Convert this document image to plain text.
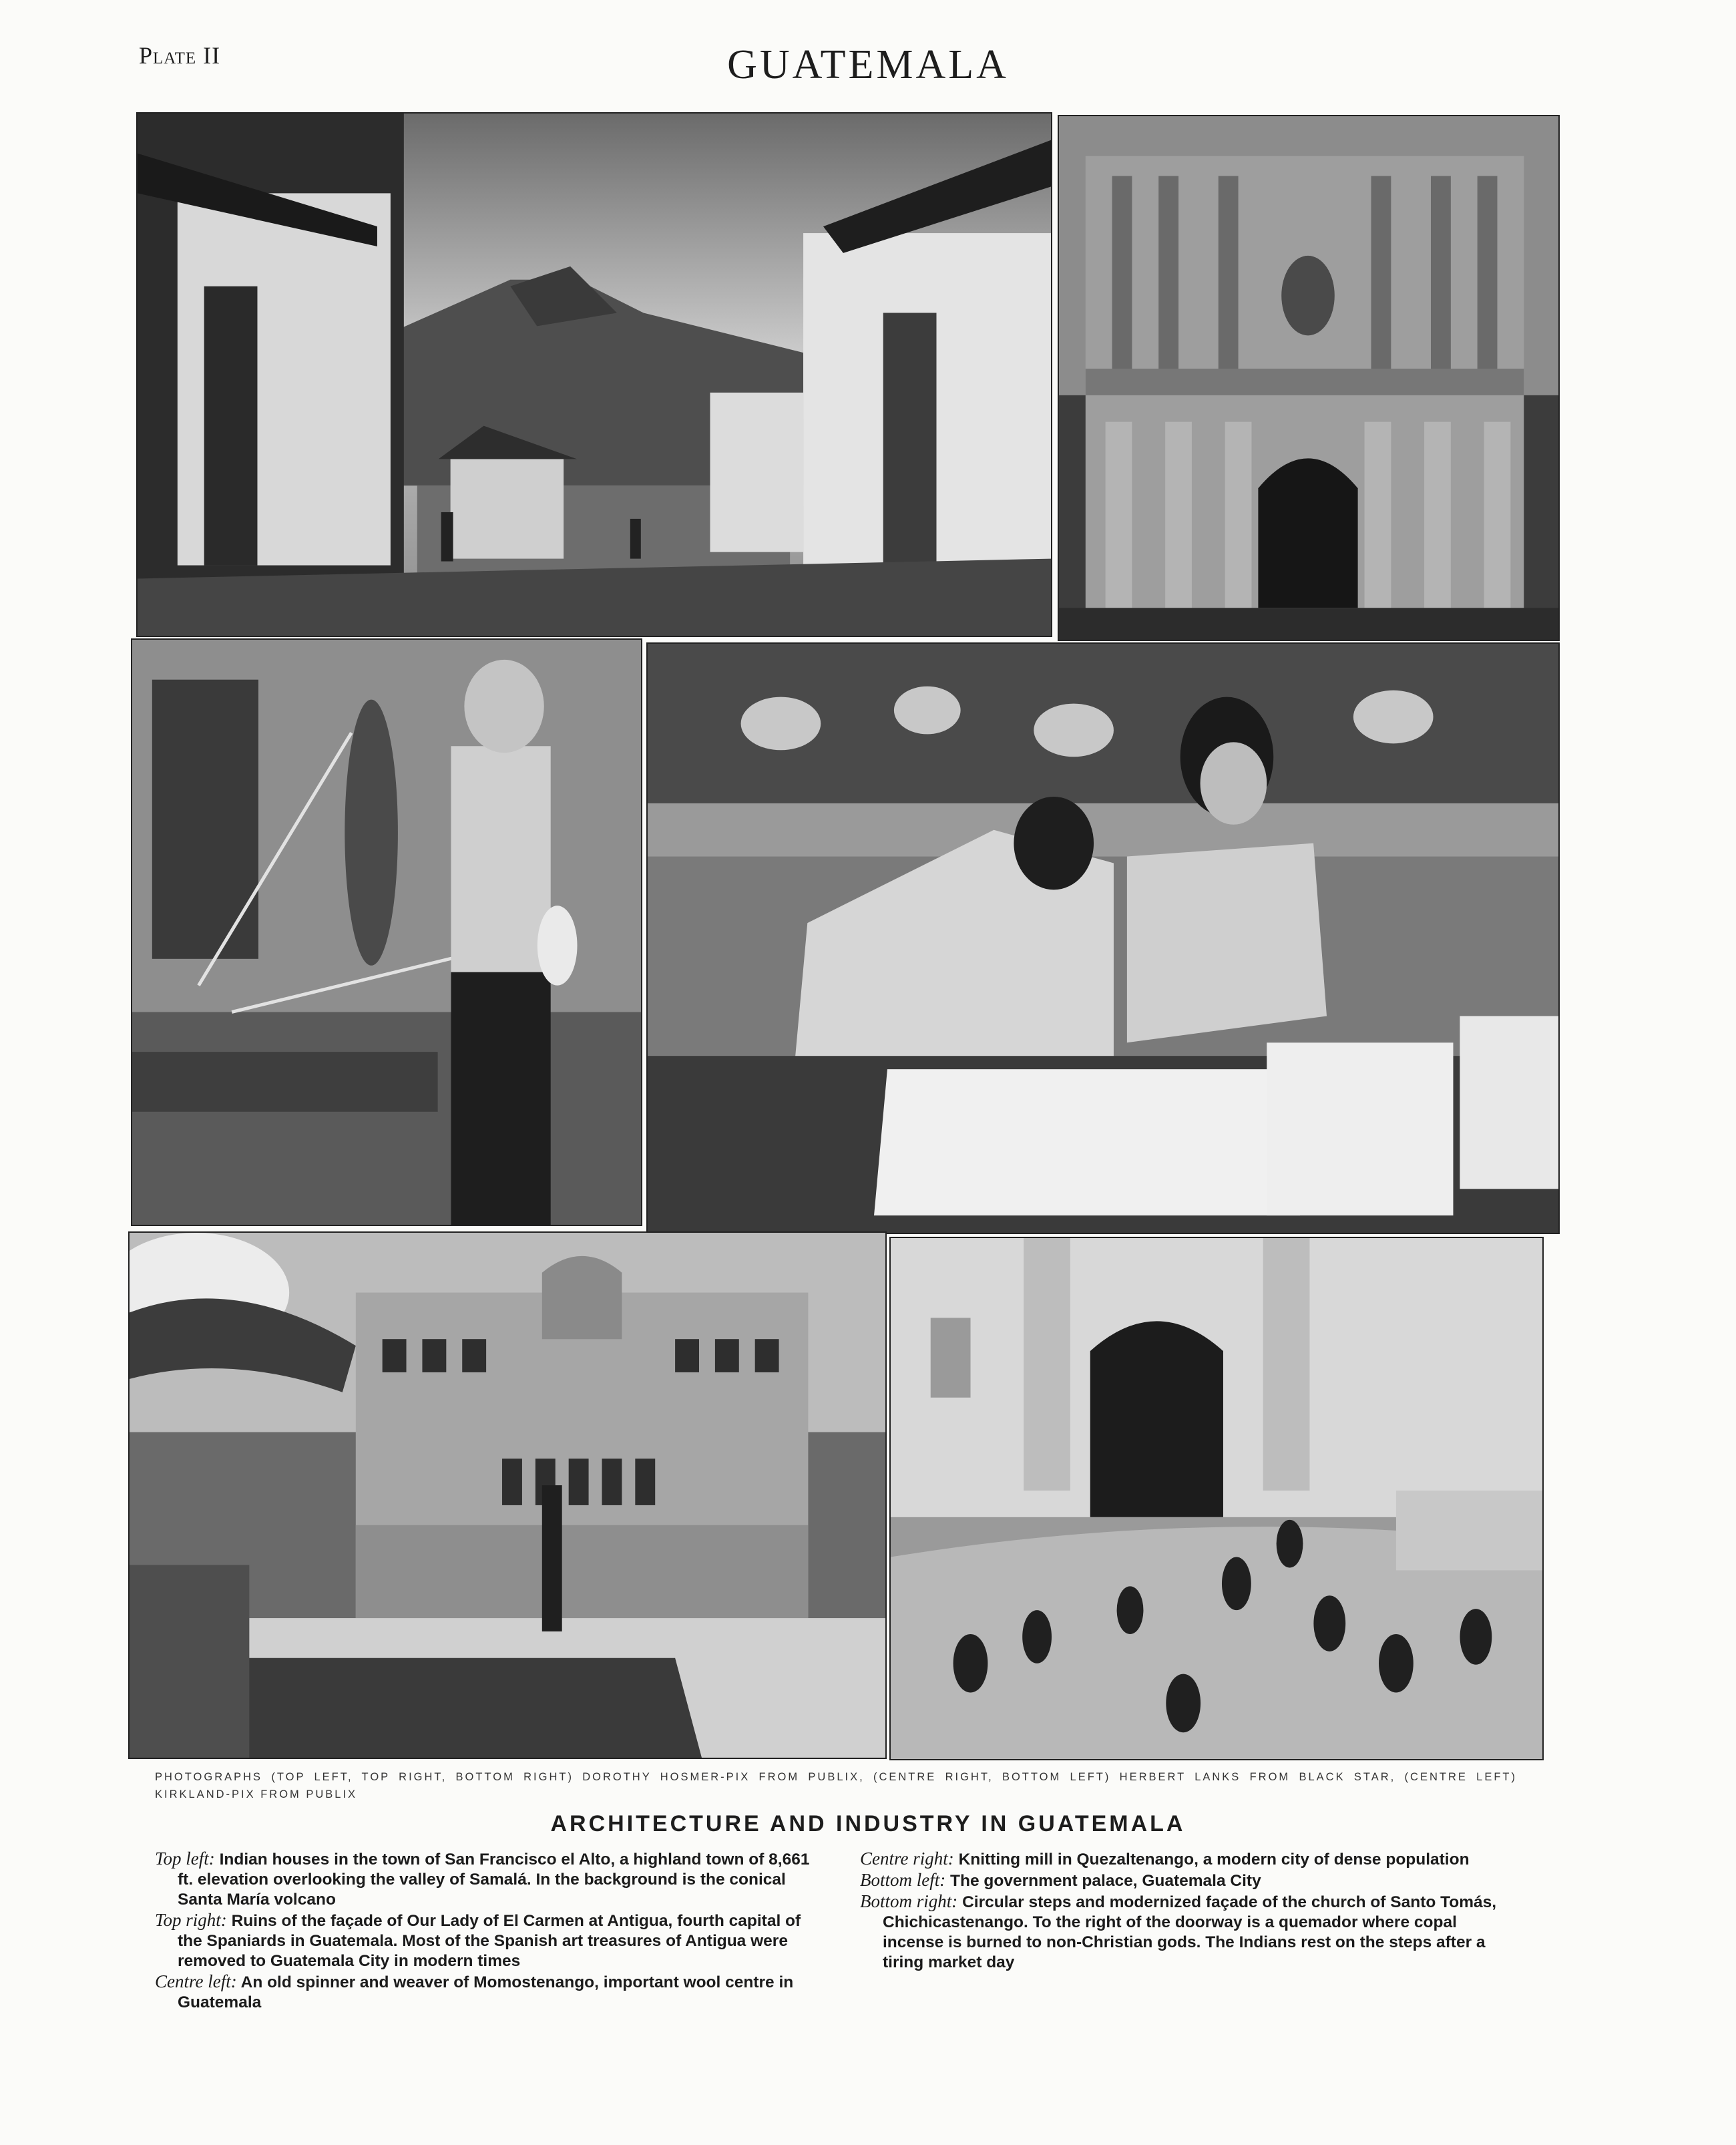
Plate II	GUATEMALA
PHOTOGRAPHS (TOP LEFT, TOP RIGHT, BOTTOM RIGHT) DOROTHY HOSMER-PIX FROM PUBLIX, (CENTRE RIGHT, BOTTOM LEFT) HERBERT LANKS FROM BLACK STAR, (CENTRE LEFT) KIRKLAND-PIX FROM PUBLIX
ARCHITECTURE AND INDUSTRY IN GUATEMALA

Top left: Indian houses in the town of San Francisco el Alto, a highland town of 8,661 ft. elevation overlooking the valley of Samalá. In the background is the conical Santa María volcano

Top right: Ruins of the façade of Our Lady of El Carmen at Antigua, fourth capital of the Spaniards in Guatemala. Most of the Spanish art treasures of Antigua were removed to Guatemala City in modern times

Centre left: An old spinner and weaver of Momostenango, important wool centre in Guatemala

Centre right: Knitting mill in Quezaltenango, a modern city of dense population

Bottom left: The government palace, Guatemala City

Bottom right: Circular steps and modernized façade of the church of Santo Tomás, Chichicastenango. To the right of the doorway is a quemador where copal incense is burned to non-Christian gods. The Indians rest on the steps after a tiring market day
